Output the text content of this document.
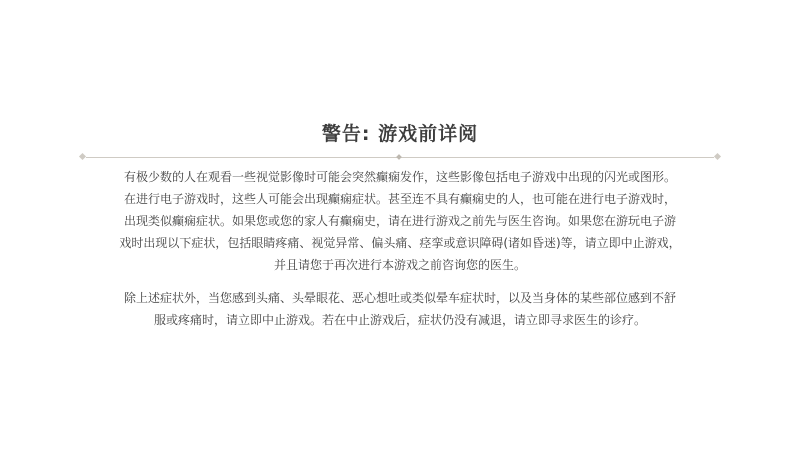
警告: 游戏前详阅
有极少数的人在观看一些视觉影像时可能会突然癫痫发作，这些影像包括电子游戏中出现的闪光或图形。
在进行电子游戏时，这些人可能会出现癫痫症状。甚至连不具有癫痫史的人，也可能在进行电子游戏时，
出现类似癫痫症状。如果您或您的家人有癫痫史，请在进行游戏之前先与医生咨询。如果您在游玩电子游
戏时出现以下症状，包括眼睛疼痛、视觉异常、偏头痛、痉挛或意识障碍(诸如昏迷)等，请立即中止游戏，
并且请您于再次进行本游戏之前咨询您的医生。
除上述症状外，当您感到头痛、头晕眼花、恶心想吐或类似晕车症状时，以及当身体的某些部位感到不舒
服或疼痛时，请立即中止游戏。若在中止游戏后，症状仍没有减退，请立即寻求医生的诊疗。
